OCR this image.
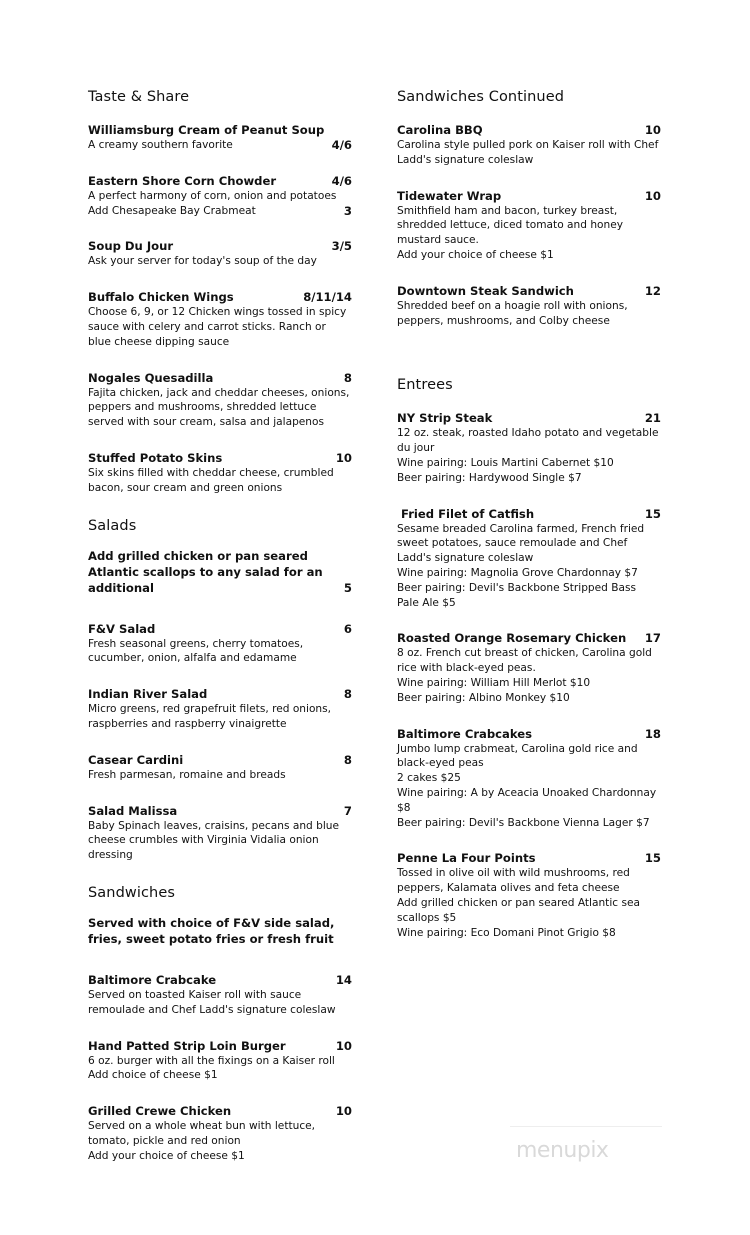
Taste & Share
Williamsburg Cream of Peanut Soup
A creamy southern favorite	4/6
Eastern Shore Corn Chowder	4/6
A perfect harmony of corn, onion and potatoes
Add Chesapeake Bay Crabmeat	3
Soup Du Jour	3/5
Ask your server for today's soup of the day
Buffalo Chicken Wings	8/11/14
Choose 6, 9, or 12 Chicken wings tossed in spicy sauce with celery and carrot sticks. Ranch or blue cheese dipping sauce
Nogales Quesadilla	8
Fajita chicken, jack and cheddar cheeses, onions, peppers and mushrooms, shredded lettuce served with sour cream, salsa and jalapenos
Stuffed Potato Skins	10
Six skins filled with cheddar cheese, crumbled bacon, sour cream and green onions
Salads
Add grilled chicken or pan seared Atlantic scallops to any salad for an additional	5
F&V Salad	6
Fresh seasonal greens, cherry tomatoes, cucumber, onion, alfalfa and edamame
Indian River Salad	8
Micro greens, red grapefruit filets, red onions, raspberries and raspberry vinaigrette
Casear Cardini	8
Fresh parmesan, romaine and breads
Salad Malissa	7
Baby Spinach leaves, craisins, pecans and blue cheese crumbles with Virginia Vidalia onion dressing
Sandwiches
Served with choice of F&V side salad, fries, sweet potato fries or fresh fruit
Baltimore Crabcake	14
Served on toasted Kaiser roll with sauce remoulade and Chef Ladd's signature coleslaw
Hand Patted Strip Loin Burger	10
6 oz. burger with all the fixings on a Kaiser roll
Add choice of cheese $1
Grilled Crewe Chicken	10
Served on a whole wheat bun with lettuce, tomato, pickle and red onion
Add your choice of cheese $1
Sandwiches Continued
Carolina BBQ	10
Carolina style pulled pork on Kaiser roll with Chef Ladd's signature coleslaw
Tidewater Wrap	10
Smithfield ham and bacon, turkey breast, shredded lettuce, diced tomato and honey mustard sauce.
Add your choice of cheese $1
Downtown Steak Sandwich	12
Shredded beef on a hoagie roll with onions, peppers, mushrooms, and Colby cheese
Entrees
NY Strip Steak	21
12 oz. steak, roasted Idaho potato and vegetable du jour
Wine pairing: Louis Martini Cabernet $10
Beer pairing: Hardywood Single $7
Fried Filet of Catfish	15
Sesame breaded Carolina farmed, French fried sweet potatoes, sauce remoulade and Chef Ladd's signature coleslaw
Wine pairing: Magnolia Grove Chardonnay $7
Beer pairing: Devil's Backbone Stripped Bass Pale Ale $5
Roasted Orange Rosemary Chicken 17
8 oz. French cut breast of chicken, Carolina gold rice with black-eyed peas.
Wine pairing: William Hill Merlot $10
Beer pairing: Albino Monkey $10
Baltimore Crabcakes	18
Jumbo lump crabmeat, Carolina gold rice and black-eyed peas
2 cakes $25
Wine pairing: A by Aceacia Unoaked Chardonnay $8
Beer pairing: Devil's Backbone Vienna Lager $7
Penne La Four Points	15
Tossed in olive oil with wild mushrooms, red peppers, Kalamata olives and feta cheese
Add grilled chicken or pan seared Atlantic sea scallops $5
Wine pairing: Eco Domani Pinot Grigio $8
menupix
